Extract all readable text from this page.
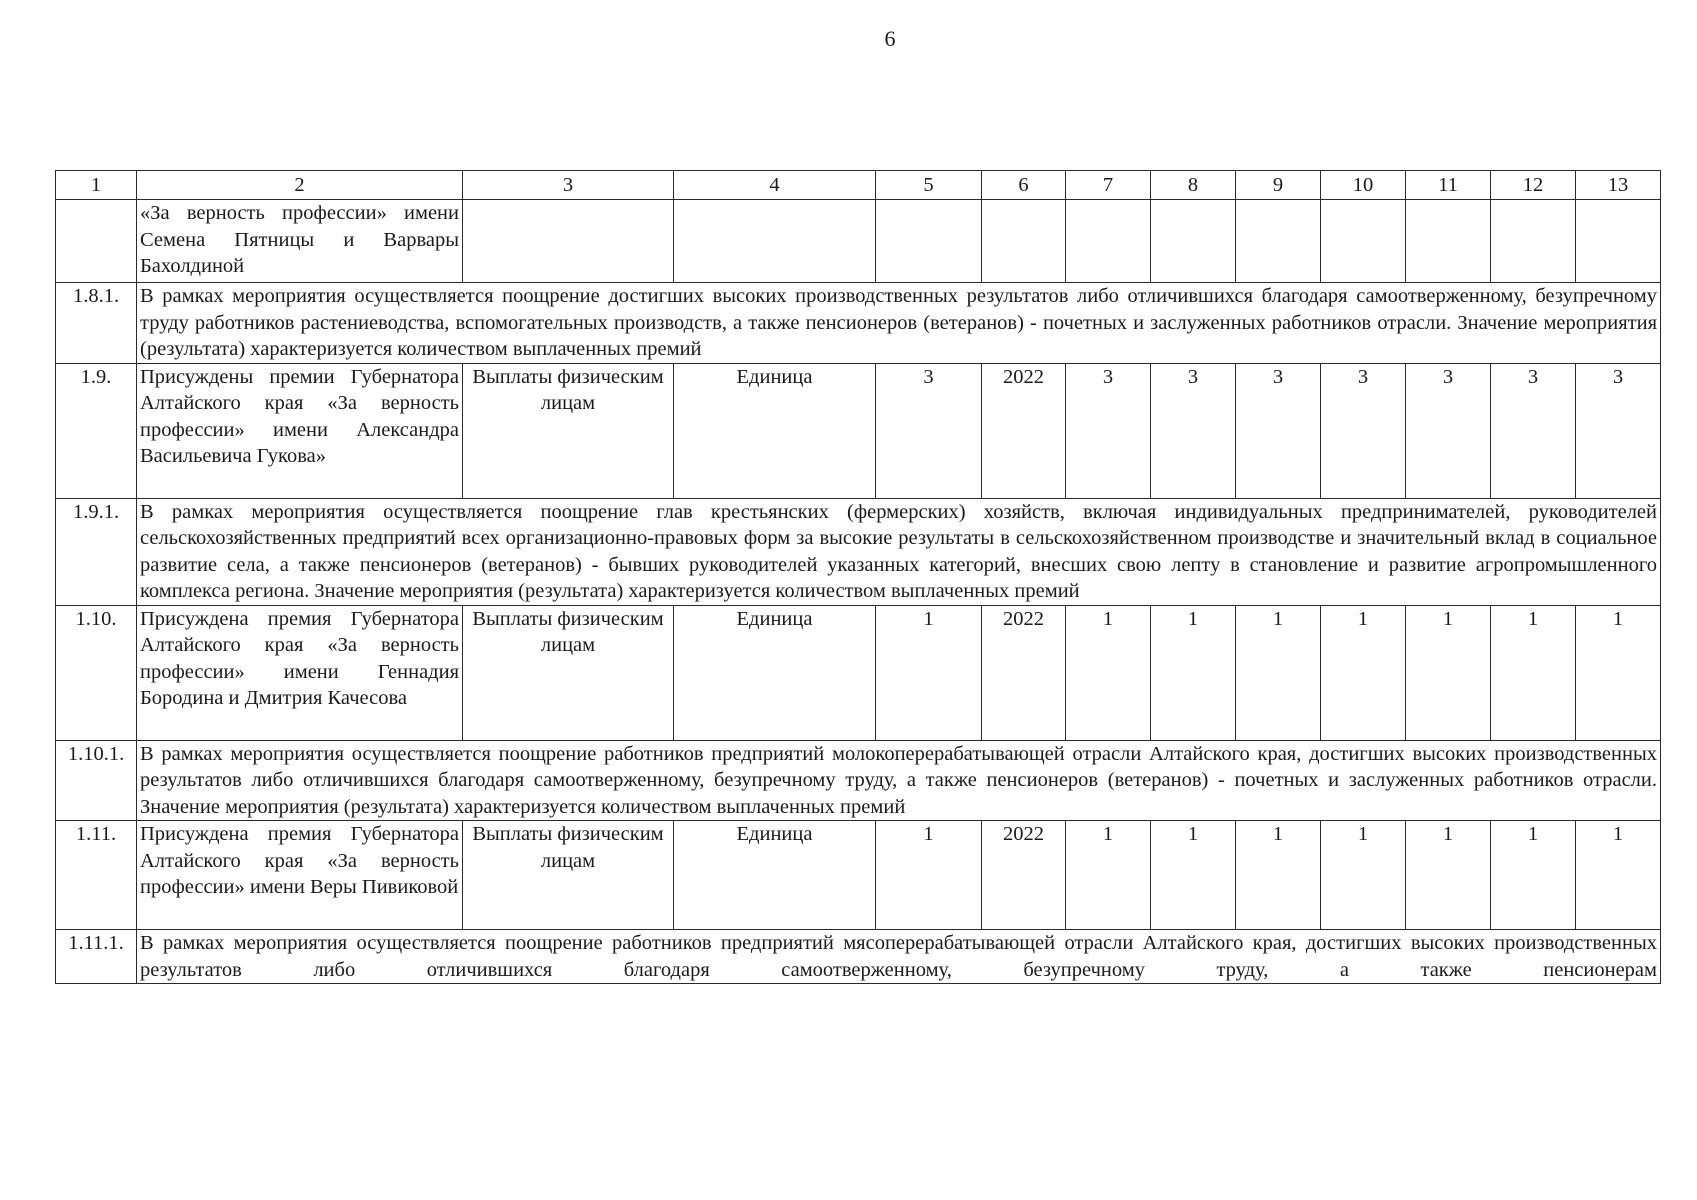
6
1	2	3	4	5	6	7	8	9	10	11	12	13
	«За верность профессии» имени Семена Пятницы и Варвары Бахолдиной											
1.8.1.	В рамках мероприятия осуществляется поощрение достигших высоких производственных результатов либо отличившихся благодаря самоотверженному, безупречному труду работников растениеводства, вспомогательных производств, а также пенсионеров (ветеранов) - почетных и заслуженных работников отрасли. Значение мероприятия (результата) характеризуется количеством выплаченных премий											
1.9.	Присуждены премии Губернатора Алтайского края «За верность профессии» имени Александра Васильевича Гукова»	Выплаты физическим лицам	Единица	3	2022	3	3	3	3	3	3	3
1.9.1.	В рамках мероприятия осуществляется поощрение глав крестьянских (фермерских) хозяйств, включая индивидуальных предпринимателей, руководителей сельскохозяйственных предприятий всех организационно-правовых форм за высокие результаты в сельскохозяйственном производстве и значительный вклад в социальное развитие села, а также пенсионеров (ветеранов) - бывших руководителей указанных категорий, внесших свою лепту в становление и развитие агропромышленного комплекса региона. Значение мероприятия (результата) характеризуется количеством выплаченных премий											
1.10.	Присуждена премия Губернатора Алтайского края «За верность профессии» имени Геннадия Бородина и Дмитрия Качесова	Выплаты физическим лицам	Единица	1	2022	1	1	1	1	1	1	1
1.10.1.	В рамках мероприятия осуществляется поощрение работников предприятий молокоперерабатывающей отрасли Алтайского края, достигших высоких производственных результатов либо отличившихся благодаря самоотверженному, безупречному труду, а также пенсионеров (ветеранов) - почетных и заслуженных работников отрасли. Значение мероприятия (результата) характеризуется количеством выплаченных премий											
1.11.	Присуждена премия Губернатора Алтайского края «За верность профессии» имени Веры Пивиковой	Выплаты физическим лицам	Единица	1	2022	1	1	1	1	1	1	1
1.11.1.	В рамках мероприятия осуществляется поощрение работников предприятий мясоперерабатывающей отрасли Алтайского края, достигших высоких производственных результатов либо отличившихся благодаря самоотверженному, безупречному труду, а также пенсионерам											
